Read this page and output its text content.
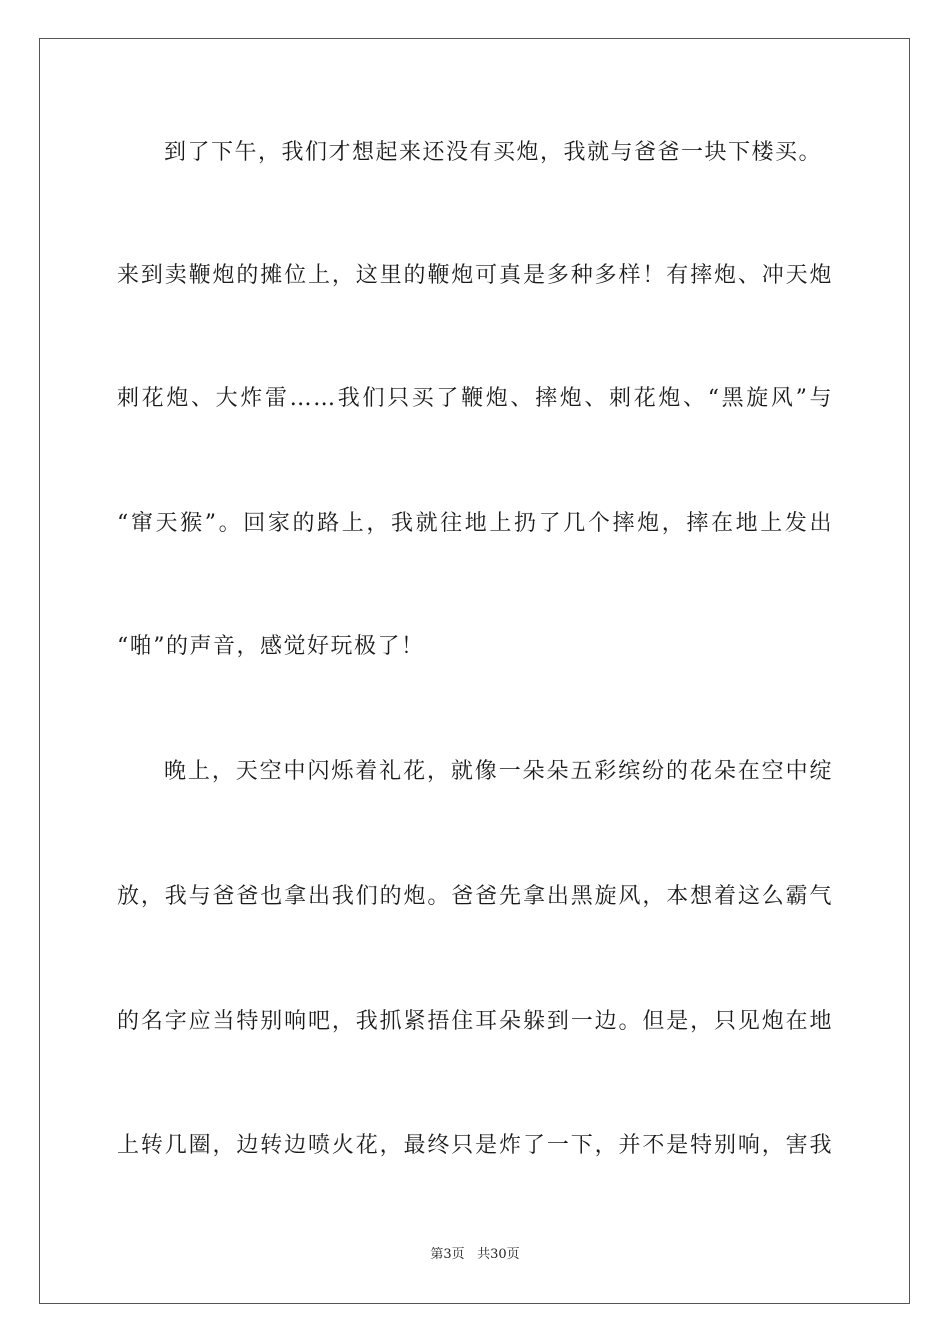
到了下午，我们才想起来还没有买炮，我就与爸爸一块下楼买。
来到卖鞭炮的摊位上，这里的鞭炮可真是多种多样！有摔炮、冲天炮
刺花炮、大炸雷……我们只买了鞭炮、摔炮、刺花炮、“黑旋风”与
“窜天猴”。回家的路上，我就往地上扔了几个摔炮，摔在地上发出
“啪”的声音，感觉好玩极了！
晚上，天空中闪烁着礼花，就像一朵朵五彩缤纷的花朵在空中绽
放，我与爸爸也拿出我们的炮。爸爸先拿出黑旋风，本想着这么霸气
的名字应当特别响吧，我抓紧捂住耳朵躲到一边。但是，只见炮在地
上转几圈，边转边喷火花，最终只是炸了一下，并不是特别响，害我
第3页 共30页
